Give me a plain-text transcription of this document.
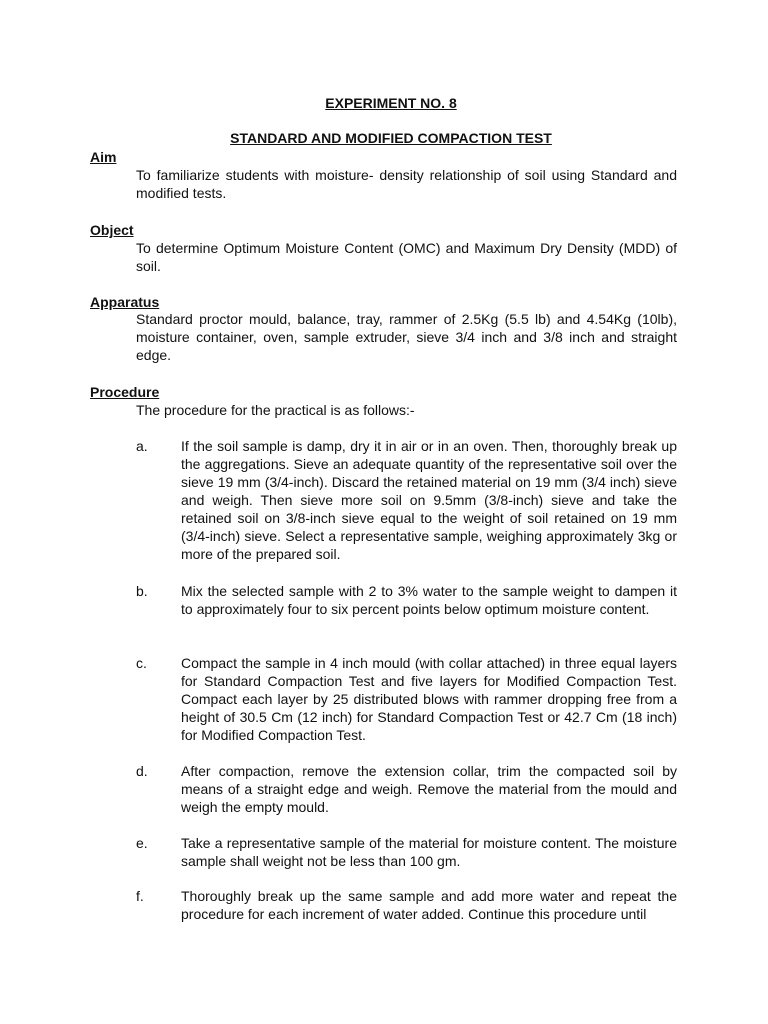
EXPERIMENT NO. 8
STANDARD AND MODIFIED COMPACTION TEST
Aim
To familiarize students with moisture- density relationship of soil using Standard and modified tests.
Object
To determine Optimum Moisture Content (OMC) and Maximum Dry Density (MDD) of soil.
Apparatus
Standard proctor mould, balance, tray, rammer of 2.5Kg (5.5 lb) and 4.54Kg (10lb), moisture container, oven, sample extruder, sieve 3/4 inch and 3/8 inch and straight edge.
Procedure
The procedure for the practical is as follows:-
a. If the soil sample is damp, dry it in air or in an oven. Then, thoroughly break up the aggregations. Sieve an adequate quantity of the representative soil over the sieve 19 mm (3/4-inch). Discard the retained material on 19 mm (3/4 inch) sieve and weigh. Then sieve more soil on 9.5mm (3/8-inch) sieve and take the retained soil on 3/8-inch sieve equal to the weight of soil retained on 19 mm (3/4-inch) sieve. Select a representative sample, weighing approximately 3kg or more of the prepared soil.
b. Mix the selected sample with 2 to 3% water to the sample weight to dampen it to approximately four to six percent points below optimum moisture content.
c. Compact the sample in 4 inch mould (with collar attached) in three equal layers for Standard Compaction Test and five layers for Modified Compaction Test. Compact each layer by 25 distributed blows with rammer dropping free from a height of 30.5 Cm (12 inch) for Standard Compaction Test or 42.7 Cm (18 inch) for Modified Compaction Test.
d. After compaction, remove the extension collar, trim the compacted soil by means of a straight edge and weigh. Remove the material from the mould and weigh the empty mould.
e. Take a representative sample of the material for moisture content. The moisture sample shall weight not be less than 100 gm.
f.	Thoroughly break up the same sample and add more water and repeat the procedure for each increment of water added. Continue this procedure until
